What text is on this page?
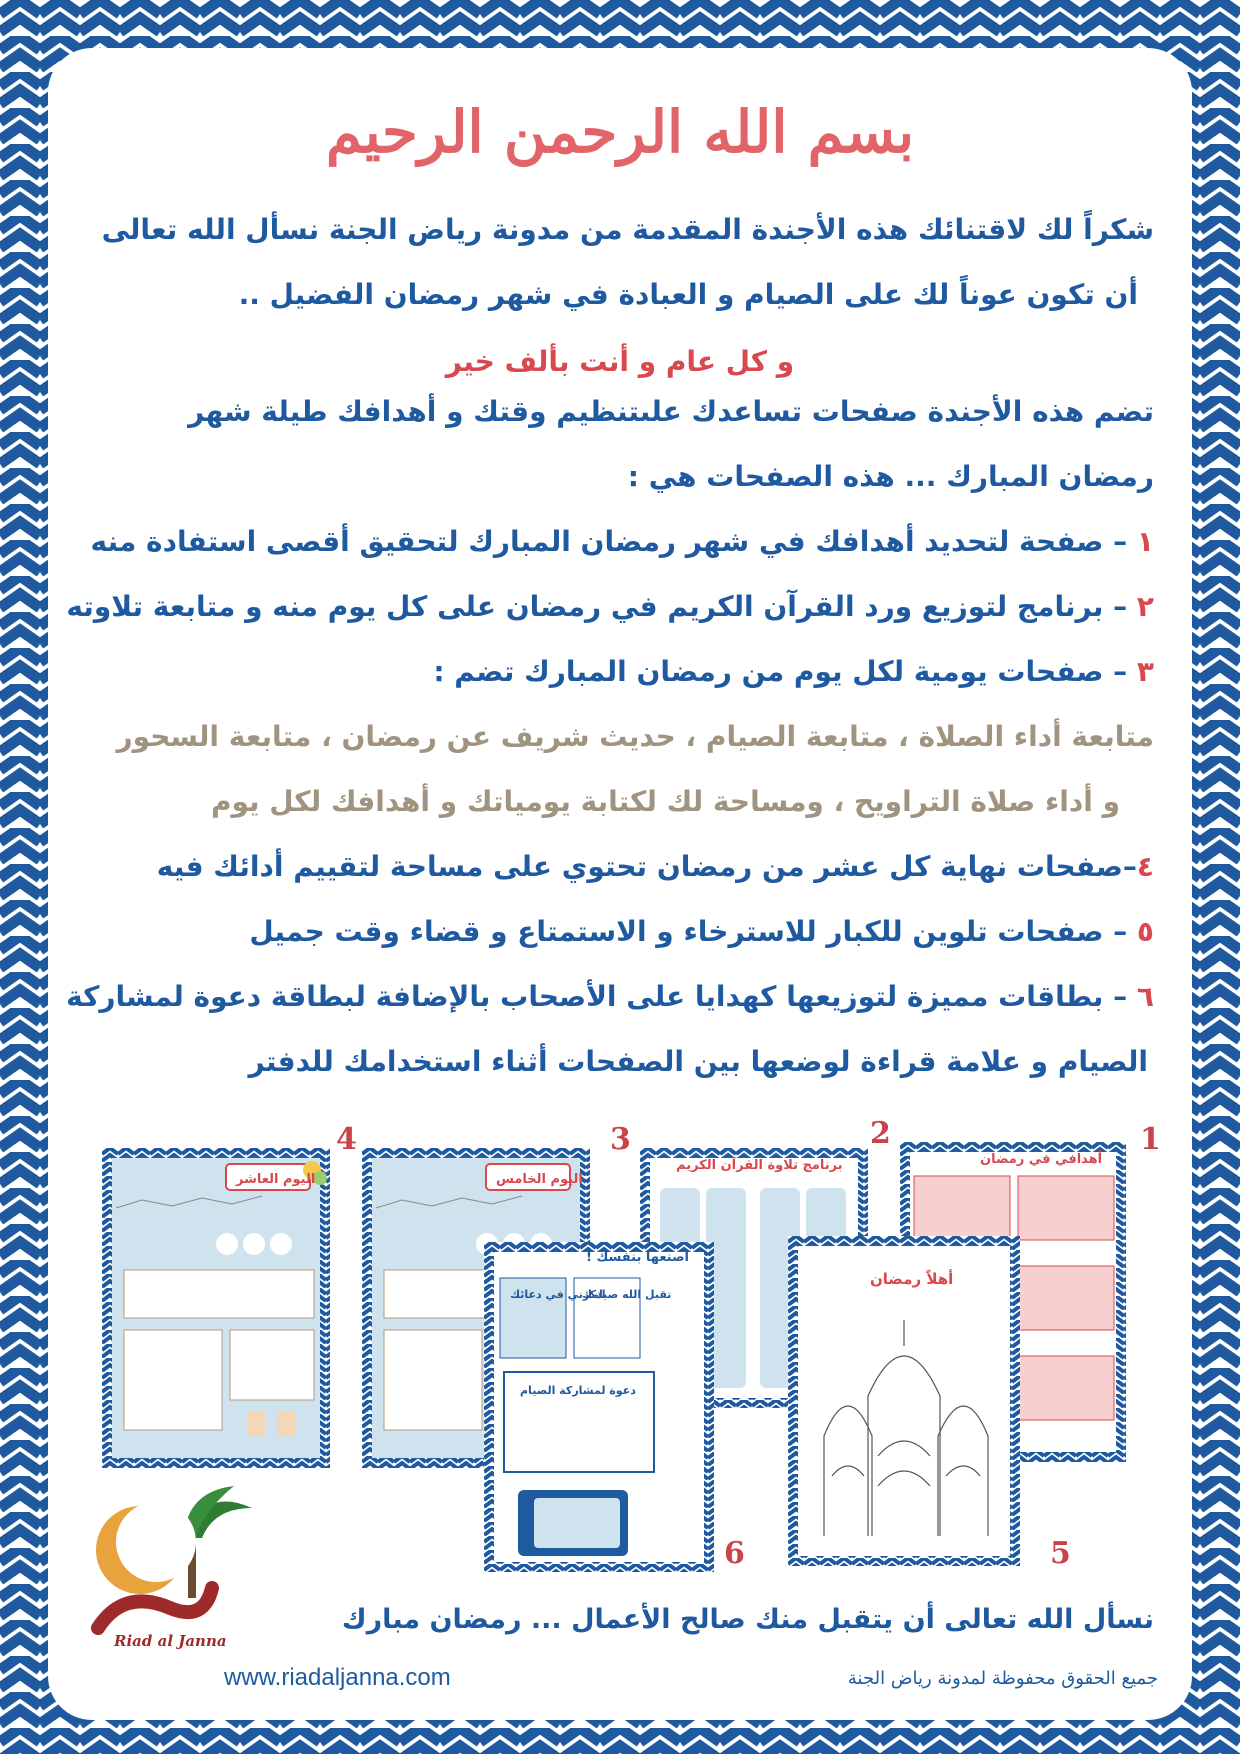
بسم الله الرحمن الرحيم
شكراً لك لاقتنائك هذه الأجندة المقدمة من مدونة رياض الجنة نسأل الله تعالى
أن تكون عوناً لك على الصيام و العبادة في شهر رمضان الفضيل ..
و كل عام و أنت بألف خير
تضم هذه الأجندة صفحات تساعدك علىتنظيم وقتك و أهدافك طيلة شهر
رمضان المبارك ... هذه الصفحات هي :
١ – صفحة لتحديد أهدافك في شهر رمضان المبارك لتحقيق أقصى استفادة منه
٢ – برنامج لتوزيع ورد القرآن الكريم في رمضان على كل يوم منه و متابعة تلاوته
٣ – صفحات يومية لكل يوم من رمضان المبارك تضم :
متابعة أداء الصلاة ، متابعة الصيام ، حديث شريف عن رمضان ، متابعة السحور
و أداء صلاة التراويح ، ومساحة لك لكتابة يومياتك و أهدافك لكل يوم
٤–صفحات نهاية كل عشر من رمضان تحتوي على مساحة لتقييم أدائك فيه
٥ – صفحات تلوين للكبار للاسترخاء و الاستمتاع و قضاء وقت جميل
٦ – بطاقات مميزة لتوزيعها كهدايا على الأصحاب بالإضافة لبطاقة دعوة لمشاركة
الصيام و علامة قراءة لوضعها بين الصفحات أثناء استخدامك للدفتر
اليوم العاشر	اليوم الخامس
برنامج تلاوة القرآن الكريم	أهدافي في رمضان
أهلاً رمضان
اصنعها بنفسك !
اذكرني في دعائك
تقبل الله صيامك
دعوة لمشاركة الصيام
1
2
3
4
5
6
Riad al Janna
نسأل الله تعالى أن يتقبل منك صالح الأعمال ... رمضان مبارك
www.riadaljanna.com	جميع الحقوق محفوظة لمدونة رياض الجنة
